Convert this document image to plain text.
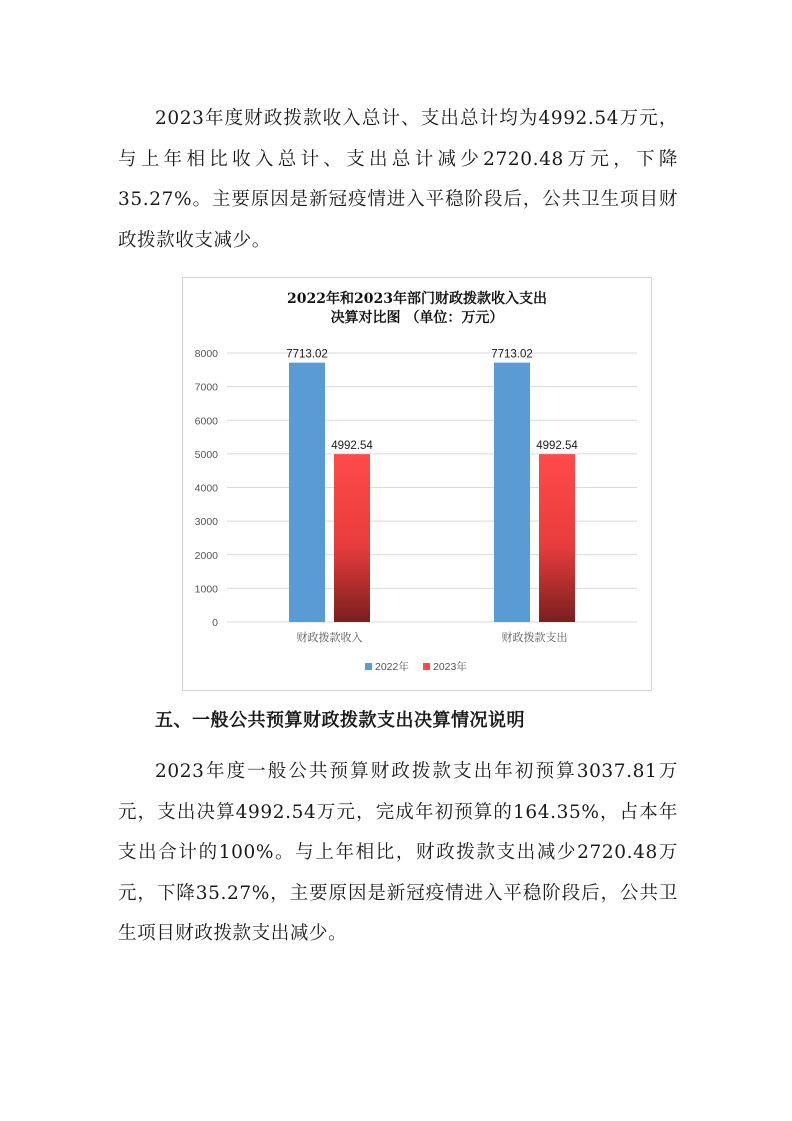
2023年度财政拨款收入总计、支出总计均为4992.54万元，与上年相比收入总计、支出总计减少2720.48万元，下降35.27%。主要原因是新冠疫情进入平稳阶段后，公共卫生项目财政拨款收支减少。

2022年和2023年部门财政拨款收入支出
决算对比图 （单位：万元）
0
1000
2000
3000
4000
5000
6000
7000
8000	7713.02
4992.54
7713.02
4992.54
财政拨款收入	财政拨款支出
2022年 2023年

五、一般公共预算财政拨款支出决算情况说明

2023年度一般公共预算财政拨款支出年初预算3037.81万元，支出决算4992.54万元，完成年初预算的164.35%，占本年支出合计的100%。与上年相比，财政拨款支出减少2720.48万元，下降35.27%，主要原因是新冠疫情进入平稳阶段后，公共卫生项目财政拨款支出减少。
